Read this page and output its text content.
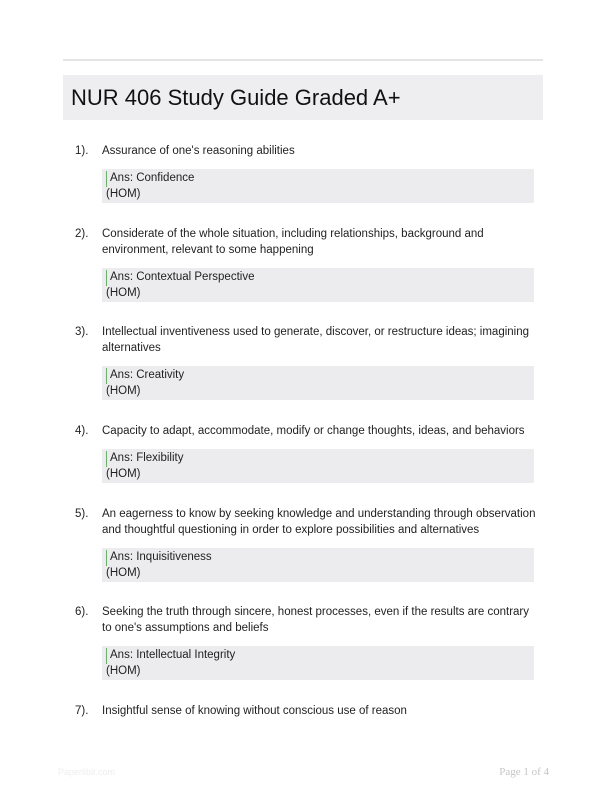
NUR 406 Study Guide Graded A+
1). Assurance of one's reasoning abilities
Ans: Confidence
(HOM)
2). Considerate of the whole situation, including relationships, background and environment, relevant to some happening
Ans: Contextual Perspective
(HOM)
3). Intellectual inventiveness used to generate, discover, or restructure ideas; imagining alternatives
Ans: Creativity
(HOM)
4). Capacity to adapt, accommodate, modify or change thoughts, ideas, and behaviors
Ans: Flexibility
(HOM)
5). An eagerness to know by seeking knowledge and understanding through observation and thoughtful questioning in order to explore possibilities and alternatives
Ans: Inquisitiveness
(HOM)
6). Seeking the truth through sincere, honest processes, even if the results are contrary to one's assumptions and beliefs
Ans: Intellectual Integrity
(HOM)
7). Insightful sense of knowing without conscious use of reason
Paperlibit.com	Page 1 of 4
